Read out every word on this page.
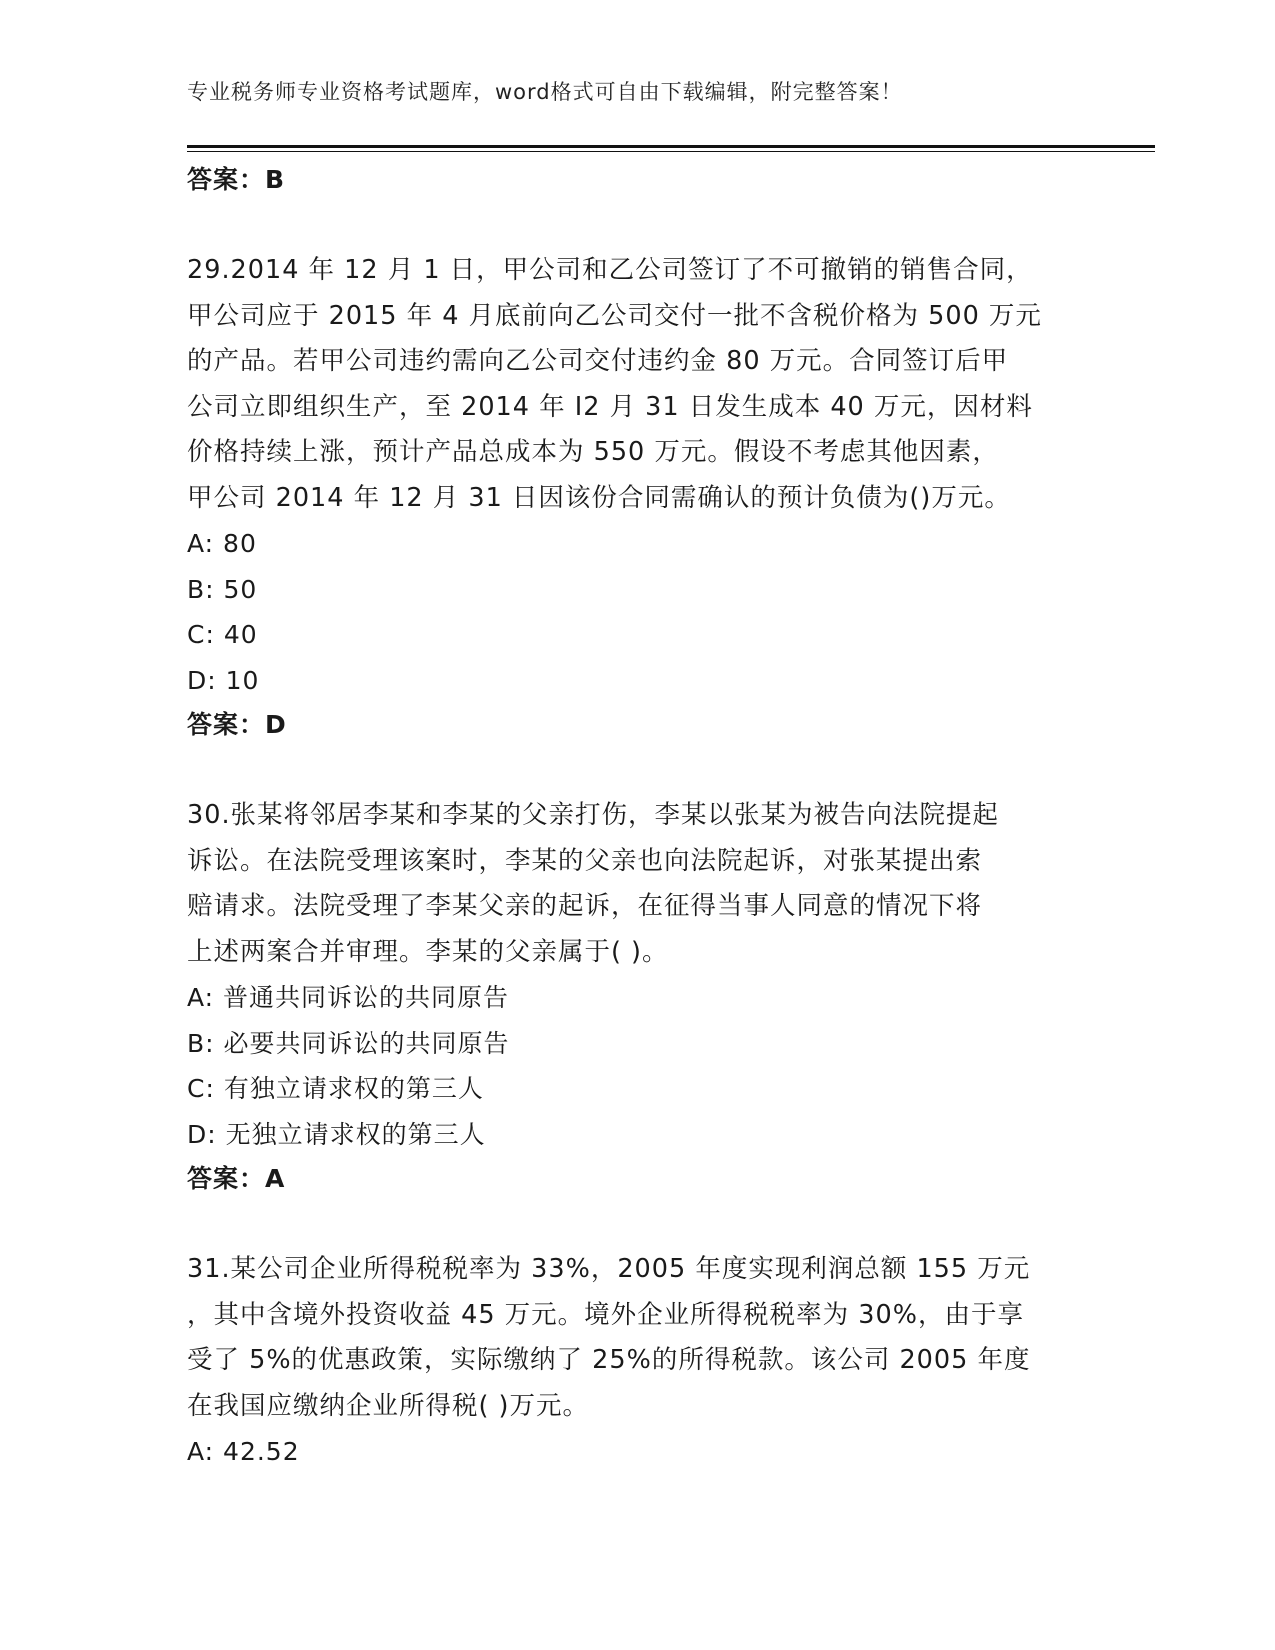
专业税务师专业资格考试题库，word格式可自由下载编辑，附完整答案！
答案：B
29.2014 年 12 月 1 日，甲公司和乙公司签订了不可撤销的销售合同，
甲公司应于 2015 年 4 月底前向乙公司交付一批不含税价格为 500 万元
的产品。若甲公司违约需向乙公司交付违约金 80 万元。合同签订后甲
公司立即组织生产，至 2014 年 I2 月 31 日发生成本 40 万元，因材料
价格持续上涨，预计产品总成本为 550 万元。假设不考虑其他因素，
甲公司 2014 年 12 月 31 日因该份合同需确认的预计负债为()万元。
A: 80
B: 50
C: 40
D: 10
答案：D
30.张某将邻居李某和李某的父亲打伤，李某以张某为被告向法院提起
诉讼。在法院受理该案时，李某的父亲也向法院起诉，对张某提出索
赔请求。法院受理了李某父亲的起诉，在征得当事人同意的情况下将
上述两案合并审理。李某的父亲属于( )。
A: 普通共同诉讼的共同原告
B: 必要共同诉讼的共同原告
C: 有独立请求权的第三人
D: 无独立请求权的第三人
答案：A
31.某公司企业所得税税率为 33%，2005 年度实现利润总额 155 万元
，其中含境外投资收益 45 万元。境外企业所得税税率为 30%，由于享
受了 5%的优惠政策，实际缴纳了 25%的所得税款。该公司 2005 年度
在我国应缴纳企业所得税( )万元。
A: 42.52
